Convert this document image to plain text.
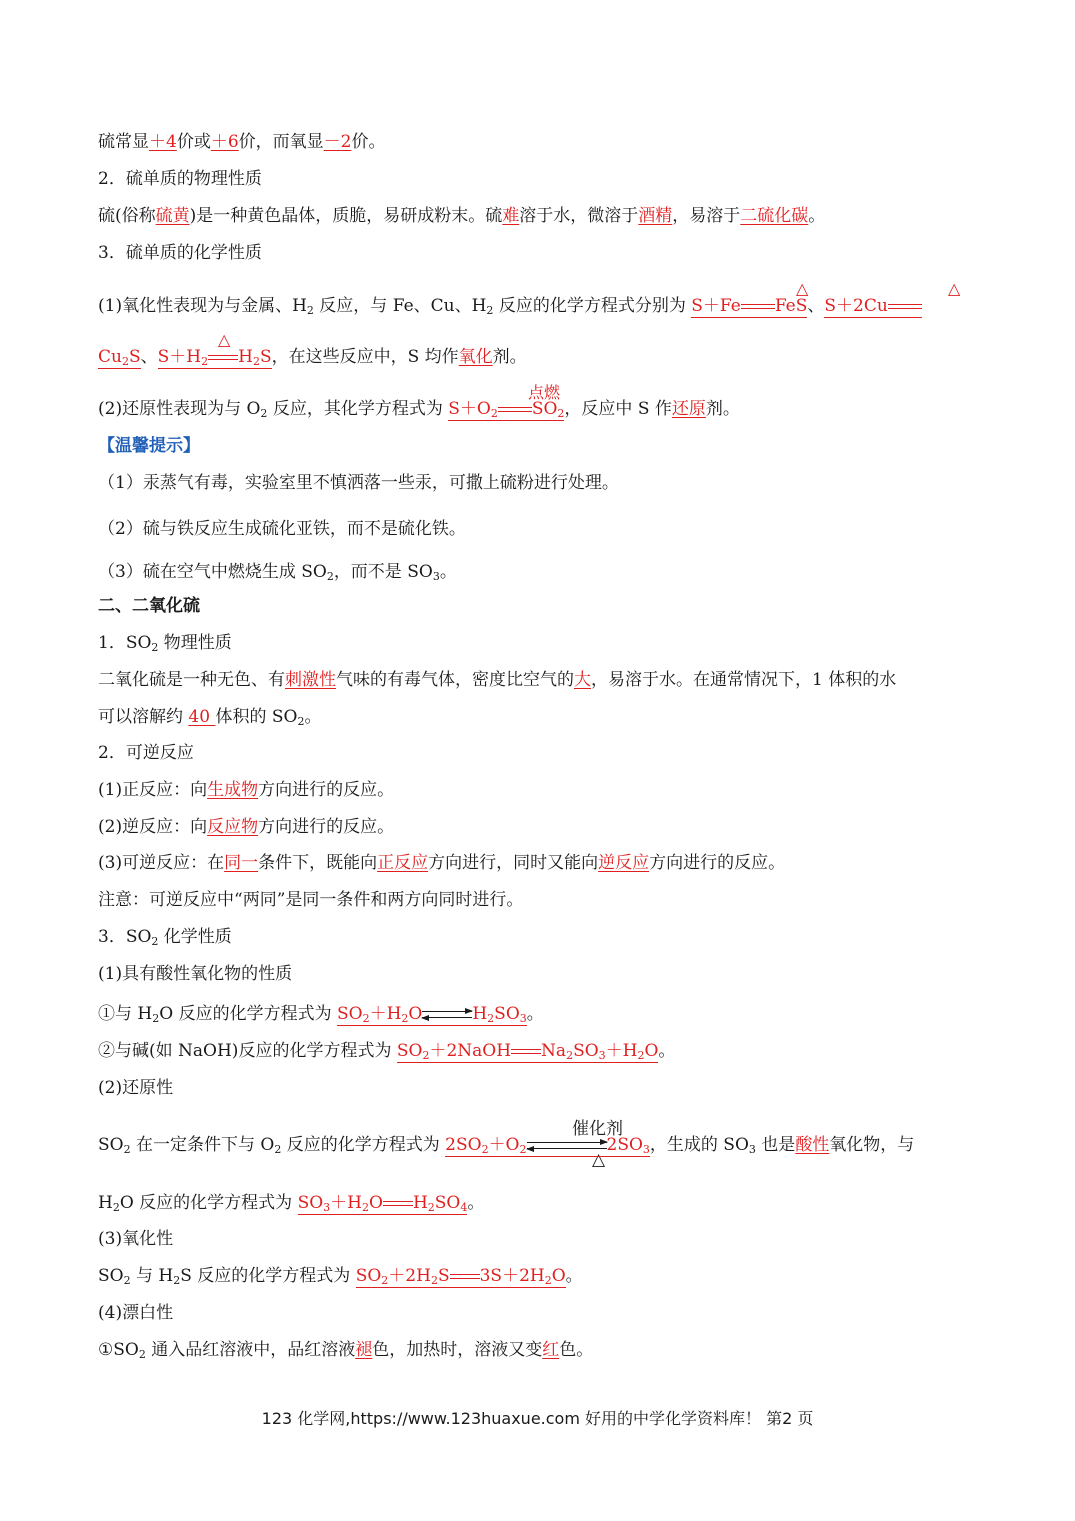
硫常显＋4价或＋6价，而氧显－2价。
2．硫单质的物理性质
硫(俗称硫黄)是一种黄色晶体，质脆，易研成粉末。硫难溶于水，微溶于酒精，易溶于二硫化碳。
3．硫单质的化学性质
△	△
(1)氧化性表现为与金属、$H_2$ 反应，与 Fe、Cu、$H_2$ 反应的化学方程式分别为 S＋Fe FeS、S＋2Cu
△
$Cu_2S$、$S+H_2$ $H_2S$，在这些反应中，S 均作氧化剂。
点燃
(2)还原性表现为与 $O_2$ 反应，其化学方程式为 $S+O_2$ $SO_2$，反应中 S 作还原剂。
【温馨提示】
（1）汞蒸气有毒，实验室里不慎洒落一些汞，可撒上硫粉进行处理。
（2）硫与铁反应生成硫化亚铁，而不是硫化铁。
（3）硫在空气中燃烧生成 $SO_2$，而不是 $SO_3$。
二、二氧化硫
1．$SO_2$ 物理性质
二氧化硫是一种无色、有刺激性气味的有毒气体，密度比空气的大，易溶于水。在通常情况下，1 体积的水
可以溶解约 40 体积的 $SO_2$。
2．可逆反应
(1)正反应：向生成物方向进行的反应。
(2)逆反应：向反应物方向进行的反应。
(3)可逆反应：在同一条件下，既能向正反应方向进行，同时又能向逆反应方向进行的反应。
注意：可逆反应中“两同”是同一条件和两方向同时进行。
3．$SO_2$ 化学性质
(1)具有酸性氧化物的性质
①与 $H_2O$ 反应的化学方程式为 $SO_2+H_2O$	$H_2SO_3$。
②与碱(如 NaOH)反应的化学方程式为 $SO_2+2NaOH$ $Na_2SO_3+H_2O$。
(2)还原性
催化剂
△
$SO_2$ 在一定条件下与 $O_2$ 反应的化学方程式为 $2SO_2+O_2$	$2SO_3$，生成的 $SO_3$ 也是酸性氧化物，与
$H_2O$ 反应的化学方程式为 $SO_3+H_2O$ $H_2SO_4$。
(3)氧化性
$SO_2$ 与 $H_2S$ 反应的化学方程式为 $SO_2+2H_2S$ $3S+2H_2O$。
(4)漂白性
$①SO_2$ 通入品红溶液中，品红溶液褪色，加热时，溶液又变红色。
123 化学网,https://www.123huaxue.com 好用的中学化学资料库！ 第2 页
